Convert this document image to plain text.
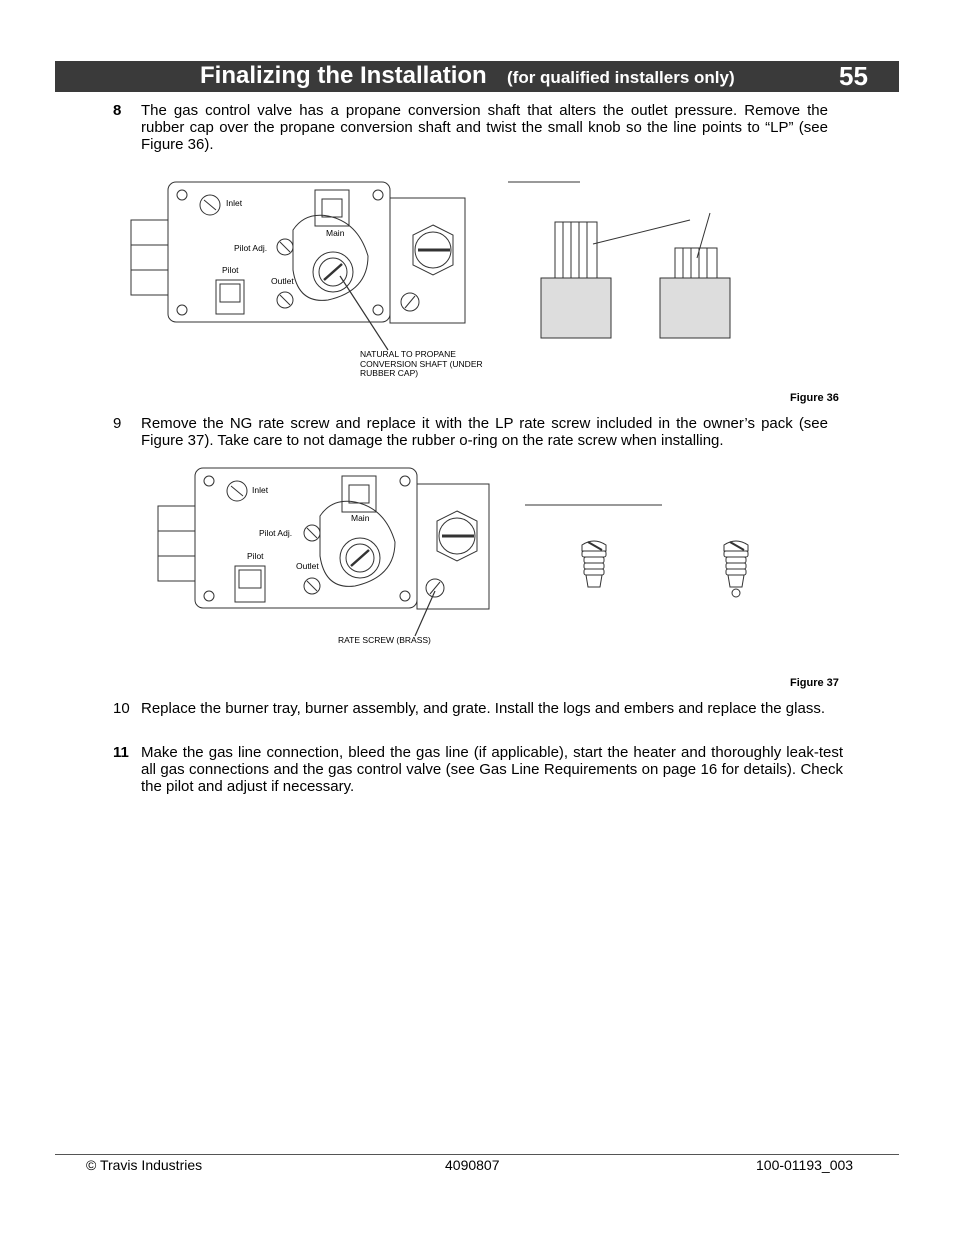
Finalizing the Installation (for qualified installers only)	55
8	The gas control valve has a propane conversion shaft that alters the outlet pressure. Remove the rubber cap over the propane conversion shaft and twist the small knob so the line points to “LP” (see Figure 36).
Inlet
Pilot Adj.
Main
Pilot
Outlet
NATURAL TO PROPANE CONVERSION SHAFT (UNDER RUBBER CAP)
Figure 36
9	Remove the NG rate screw and replace it with the LP rate screw included in the owner’s pack (see Figure 37). Take care to not damage the rubber o-ring on the rate screw when installing.
Inlet
Pilot Adj.
Main
Pilot
Outlet
RATE SCREW (BRASS)
Figure 37
10 Replace the burner tray, burner assembly, and grate. Install the logs and embers and replace the glass.
11 Make the gas line connection, bleed the gas line (if applicable), start the heater and thoroughly leak-test all gas connections and the gas control valve (see Gas Line Requirements on page 16 for details). Check the pilot and adjust if necessary.
© Travis Industries	4090807	100-01193_003
